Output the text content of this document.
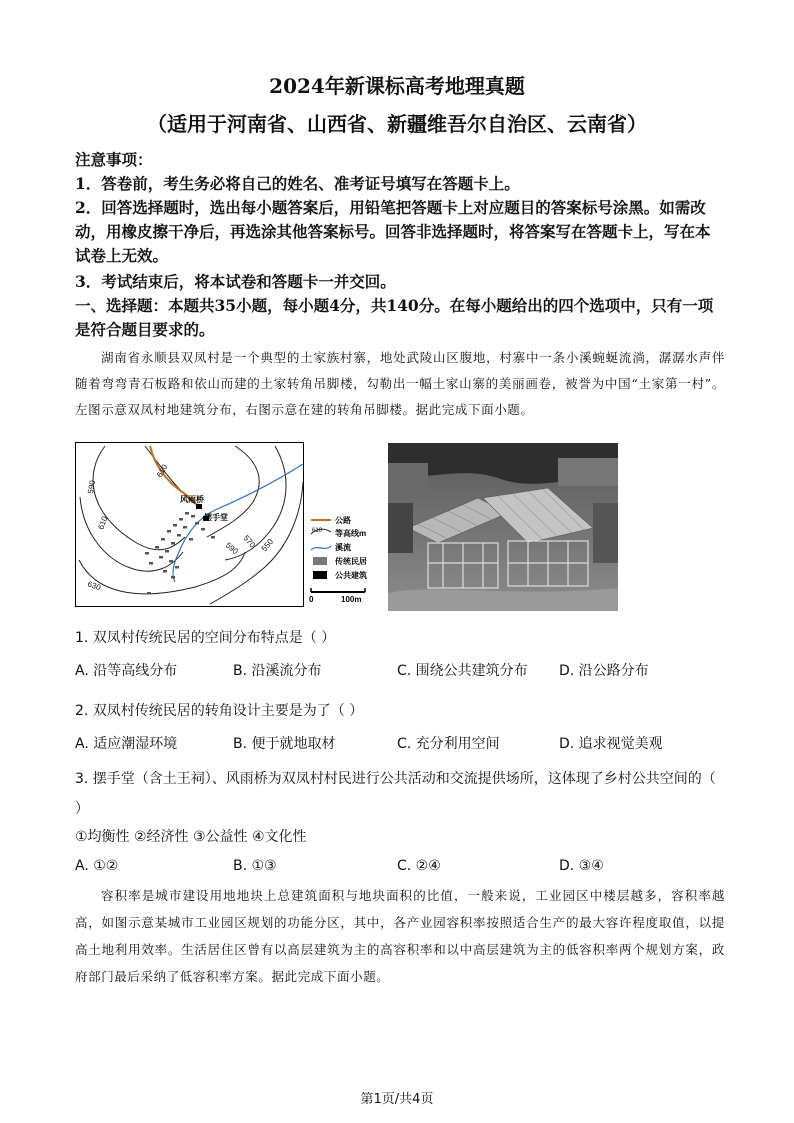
2024年新课标高考地理真题
（适用于河南省、山西省、新疆维吾尔自治区、云南省）
注意事项：
1．答卷前，考生务必将自己的姓名、准考证号填写在答题卡上。
2．回答选择题时，选出每小题答案后，用铅笔把答题卡上对应题目的答案标号涂黑。如需改动，用橡皮擦干净后，再选涂其他答案标号。回答非选择题时，将答案写在答题卡上，写在本试卷上无效。
3．考试结束后，将本试卷和答题卡一并交回。
一、选择题：本题共35小题，每小题4分，共140分。在每小题给出的四个选项中，只有一项是符合题目要求的。
湖南省永顺县双凤村是一个典型的土家族村寨，地处武陵山区腹地，村寨中一条小溪蜿蜒流淌，潺潺水声伴随着弯弯青石板路和依山而建的土家转角吊脚楼，勾勒出一幅土家山寨的美丽画卷，被誉为中国“土家第一村”。左图示意双凤村地建筑分布，右图示意在建的转角吊脚楼。据此完成下面小题。
610
590
610
630
590 570 550
风雨桥
摆手堂	公路
610 等高线m
溪流
传统民居
公共建筑
0	100m
1. 双凤村传统民居的空间分布特点是（ ）
A. 沿等高线分布	B. 沿溪流分布	C. 围绕公共建筑分布 D. 沿公路分布
2. 双凤村传统民居的转角设计主要是为了（ ）
A. 适应潮湿环境	B. 便于就地取材	C. 充分利用空间	D. 追求视觉美观
3. 摆手堂（含土王祠）、风雨桥为双凤村村民进行公共活动和交流提供场所，这体现了乡村公共空间的（ ）
①均衡性 ②经济性 ③公益性 ④文化性
A. ①②	B. ①③	C. ②④	D. ③④
容积率是城市建设用地地块上总建筑面积与地块面积的比值，一般来说，工业园区中楼层越多，容积率越高，如图示意某城市工业园区规划的功能分区，其中，各产业园容积率按照适合生产的最大容许程度取值，以提高土地利用效率。生活居住区曾有以高层建筑为主的高容积率和以中高层建筑为主的低容积率两个规划方案，政府部门最后采纳了低容积率方案。据此完成下面小题。
第1页/共4页
